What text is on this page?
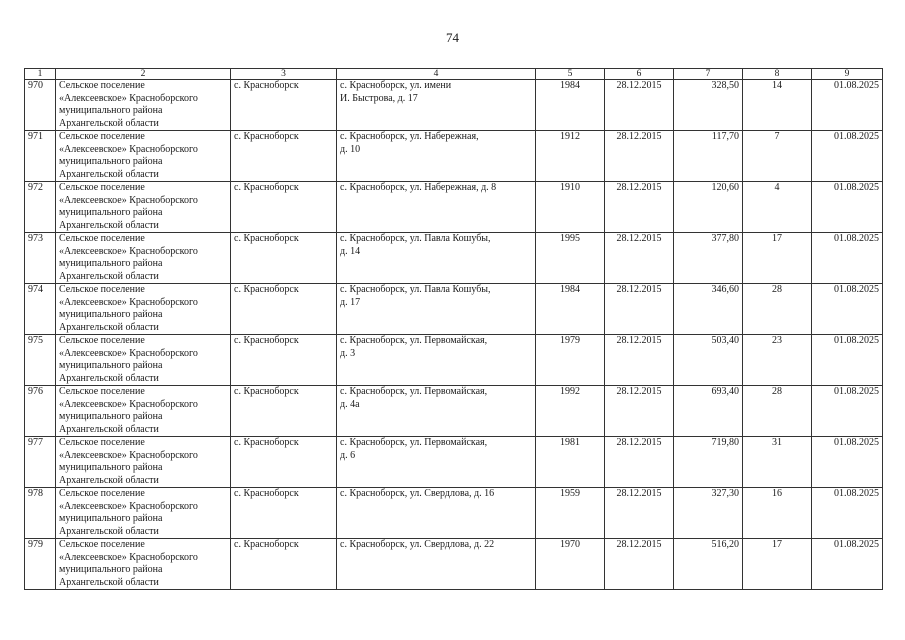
74
1	2	3	4	5	6	7	8	9
970	Сельское поселение
«Алексеевское» Красноборского
муниципального района
Архангельской области	с. Красноборск	с. Красноборск, ул. имени
И. Быстрова, д. 17	1984	28.12.2015	328,50	14	01.08.2025
971	Сельское поселение
«Алексеевское» Красноборского
муниципального района
Архангельской области	с. Красноборск	с. Красноборск, ул. Набережная,
д. 10	1912	28.12.2015	117,70	7	01.08.2025
972	Сельское поселение
«Алексеевское» Красноборского
муниципального района
Архангельской области	с. Красноборск	с. Красноборск, ул. Набережная, д. 8	1910	28.12.2015	120,60	4	01.08.2025
973	Сельское поселение
«Алексеевское» Красноборского
муниципального района
Архангельской области	с. Красноборск	с. Красноборск, ул. Павла Кошубы,
д. 14	1995	28.12.2015	377,80	17	01.08.2025
974	Сельское поселение
«Алексеевское» Красноборского
муниципального района
Архангельской области	с. Красноборск	с. Красноборск, ул. Павла Кошубы,
д. 17	1984	28.12.2015	346,60	28	01.08.2025
975	Сельское поселение
«Алексеевское» Красноборского
муниципального района
Архангельской области	с. Красноборск	с. Красноборск, ул. Первомайская,
д. 3	1979	28.12.2015	503,40	23	01.08.2025
976	Сельское поселение
«Алексеевское» Красноборского
муниципального района
Архангельской области	с. Красноборск	с. Красноборск, ул. Первомайская,
д. 4а	1992	28.12.2015	693,40	28	01.08.2025
977	Сельское поселение
«Алексеевское» Красноборского
муниципального района
Архангельской области	с. Красноборск	с. Красноборск, ул. Первомайская,
д. 6	1981	28.12.2015	719,80	31	01.08.2025
978	Сельское поселение
«Алексеевское» Красноборского
муниципального района
Архангельской области	с. Красноборск	с. Красноборск, ул. Свердлова, д. 16	1959	28.12.2015	327,30	16	01.08.2025
979	Сельское поселение
«Алексеевское» Красноборского
муниципального района
Архангельской области	с. Красноборск	с. Красноборск, ул. Свердлова, д. 22	1970	28.12.2015	516,20	17	01.08.2025
